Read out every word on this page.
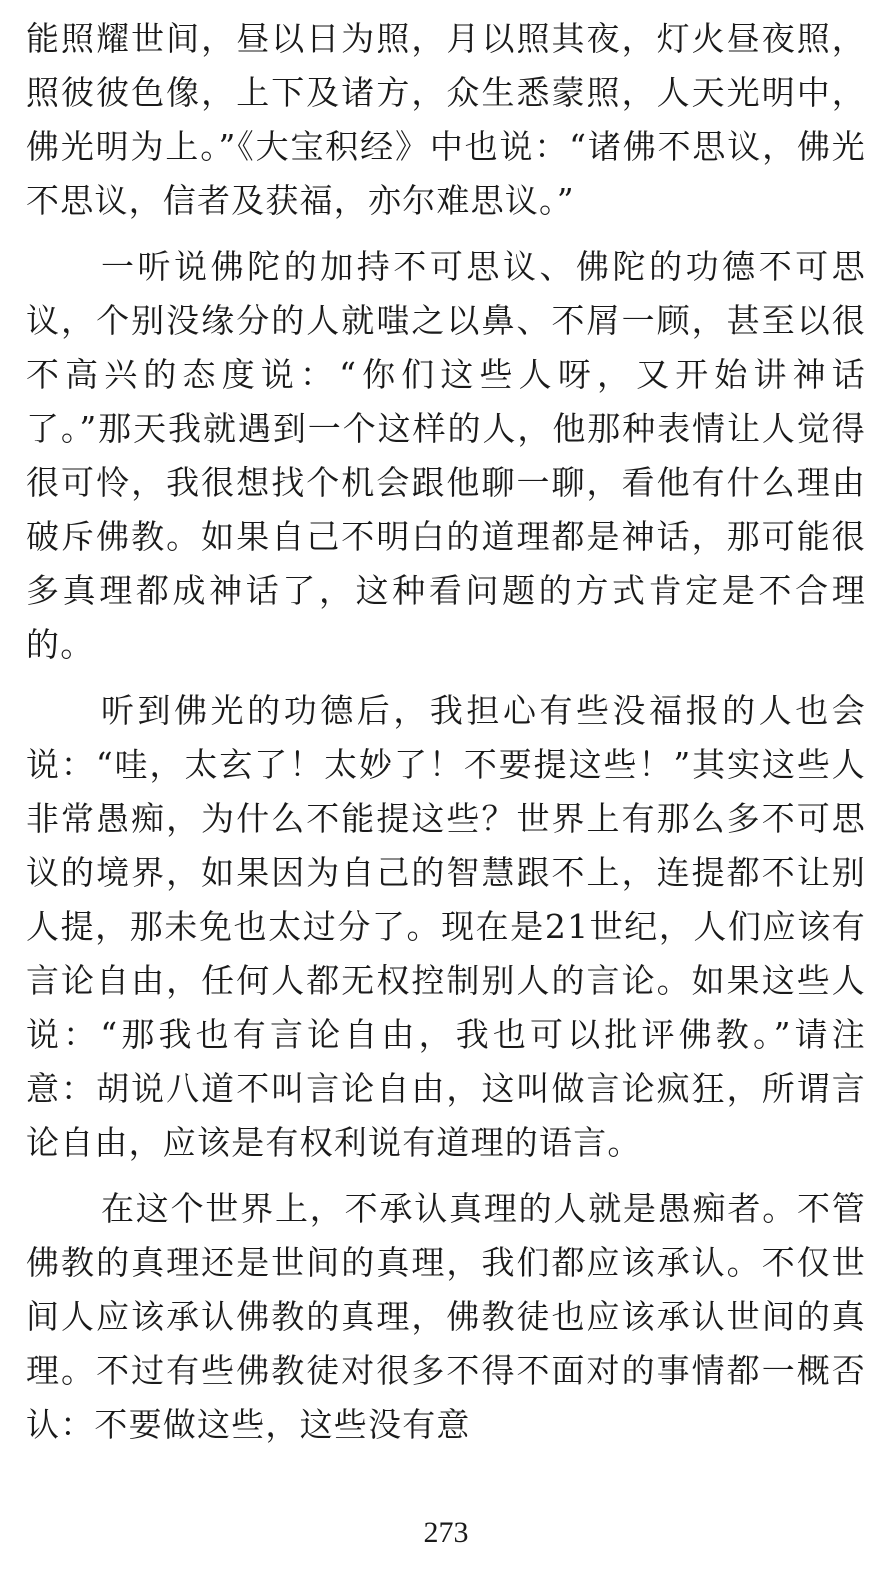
能照耀世间，昼以日为照，月以照其夜，灯火昼夜照，照彼彼色像，上下及诸方，众生悉蒙照，人天光明中，佛光明为上。”《大宝积经》中也说：“诸佛不思议，佛光不思议，信者及获福，亦尔难思议。”

一听说佛陀的加持不可思议、佛陀的功德不可思议，个别没缘分的人就嗤之以鼻、不屑一顾，甚至以很不高兴的态度说：“你们这些人呀，又开始讲神话了。”那天我就遇到一个这样的人，他那种表情让人觉得很可怜，我很想找个机会跟他聊一聊，看他有什么理由破斥佛教。如果自己不明白的道理都是神话，那可能很多真理都成神话了，这种看问题的方式肯定是不合理的。

听到佛光的功德后，我担心有些没福报的人也会说：“哇，太玄了！太妙了！不要提这些！”其实这些人非常愚痴，为什么不能提这些？世界上有那么多不可思议的境界，如果因为自己的智慧跟不上，连提都不让别人提，那未免也太过分了。现在是21世纪，人们应该有言论自由，任何人都无权控制别人的言论。如果这些人说：“那我也有言论自由，我也可以批评佛教。”请注意：胡说八道不叫言论自由，这叫做言论疯狂，所谓言论自由，应该是有权利说有道理的语言。

在这个世界上，不承认真理的人就是愚痴者。不管佛教的真理还是世间的真理，我们都应该承认。不仅世间人应该承认佛教的真理，佛教徒也应该承认世间的真理。不过有些佛教徒对很多不得不面对的事情都一概否认：不要做这些，这些没有意

273
